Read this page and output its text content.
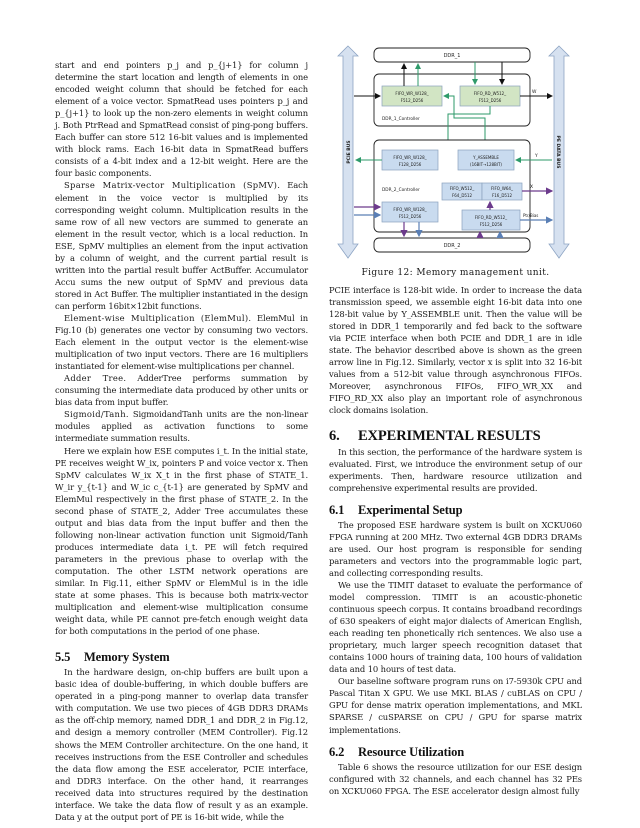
start and end pointers p_j and p_{j+1} for column j determine the start location and length of elements in one encoded weight column that should be fetched for each element of a voice vector. SpmatRead uses pointers p_j and p_{j+1} to look up the non-zero elements in weight column j. Both PtrRead and SpmatRead consist of ping-pong buffers. Each buffer can store 512 16-bit values and is implemented with block rams. Each 16-bit data in SpmatRead buffers consists of a 4-bit index and a 12-bit weight. Here are the four basic components.

Sparse Matrix-vector Multiplication (SpMV). Each element in the voice vector is multiplied by its corresponding weight column. Multiplication results in the same row of all new vectors are summed to generate an element in the result vector, which is a local reduction. In ESE, SpMV multiplies an element from the input activation by a column of weight, and the current partial result is written into the partial result buffer ActBuffer. Accumulator Accu sums the new output of SpMV and previous data stored in Act Buffer. The multiplier instantiated in the design can perform 16bit×12bit functions.

Element-wise Multiplication (ElemMul). ElemMul in Fig.10 (b) generates one vector by consuming two vectors. Each element in the output vector is the element-wise multiplication of two input vectors. There are 16 multipliers instantiated for element-wise multiplications per channel.

Adder Tree. AdderTree performs summation by consuming the intermediate data produced by other units or bias data from input buffer.

Sigmoid/Tanh. SigmoidandTanh units are the non-linear modules applied as activation functions to some intermediate summation results.

Here we explain how ESE computes i_t. In the initial state, PE receives weight W_ix, pointers P and voice vector x. Then SpMV calculates W_ix X_t in the first phase of STATE_1. W_ir y_{t-1} and W_ic c_{t-1} are generated by SpMV and ElemMul respectively in the first phase of STATE_2. In the second phase of STATE_2, Adder Tree accumulates these output and bias data from the input buffer and then the following non-linear activation function unit Sigmoid/Tanh produces intermediate data i_t. PE will fetch required parameters in the previous phase to overlap with the computation. The other LSTM network operations are similar. In Fig.11, either SpMV or ElemMul is in the idle state at some phases. This is because both matrix-vector multiplication and element-wise multiplication consume weight data, while PE cannot pre-fetch enough weight data for both computations in the period of one phase.

5.5 Memory System

In the hardware design, on-chip buffers are built upon a basic idea of double-buffering, in which double buffers are operated in a ping-pong manner to overlap data transfer with computation. We use two pieces of 4GB DDR3 DRAMs as the off-chip memory, named DDR_1 and DDR_2 in Fig.12, and design a memory controller (MEM Controller). Fig.12 shows the MEM Controller architecture. On the one hand, it receives instructions from the ESE Controller and schedules the data flow among the ESE accelerator, PCIE interface, and DDR3 interface. On the other hand, it rearranges received data into structures required by the destination interface. We take the data flow of result y as an example. Data y at the output port of PE is 16-bit wide, while the

PCIE BUS	PE DATA BUS
DDR_1
DDR_1_Controller
FIFO_WR_W128_
F512_D256
FIFO_RD_W512_
F512_D256
W
DDR_2_Controller
FIFO_WR_W128_
F128_D256
Y_ASSEMBLE
(16BIT→128BIT)
FIFO_W512_
F64_D512
FIFO_W64_
F16_D512
FIFO_WR_W128_
F512_D256	FIFO_RD_W512_
F512_D256
DDR_2
Y
X
Ptr/Bias
Figure 12: Memory management unit.

PCIE interface is 128-bit wide. In order to increase the data transmission speed, we assemble eight 16-bit data into one 128-bit value by Y_ASSEMBLE unit. Then the value will be stored in DDR_1 temporarily and fed back to the software via PCIE interface when both PCIE and DDR_1 are in idle state. The behavior described above is shown as the green arrow line in Fig.12. Similarly, vector x is split into 32 16-bit values from a 512-bit value through asynchronous FIFOs. Moreover, asynchronous FIFOs, FIFO_WR_XX and FIFO_RD_XX also play an important role of asynchronous clock domains isolation.

6. EXPERIMENTAL RESULTS

In this section, the performance of the hardware system is evaluated. First, we introduce the environment setup of our experiments. Then, hardware resource utilization and comprehensive experimental results are provided.

6.1 Experimental Setup

The proposed ESE hardware system is built on XCKU060 FPGA running at 200 MHz. Two external 4GB DDR3 DRAMs are used. Our host program is responsible for sending parameters and vectors into the programmable logic part, and collecting corresponding results.

We use the TIMIT dataset to evaluate the performance of model compression. TIMIT is an acoustic-phonetic continuous speech corpus. It contains broadband recordings of 630 speakers of eight major dialects of American English, each reading ten phonetically rich sentences. We also use a proprietary, much larger speech recognition dataset that contains 1000 hours of training data, 100 hours of validation data and 10 hours of test data.

Our baseline software program runs on i7-5930k CPU and Pascal Titan X GPU. We use MKL BLAS / cuBLAS on CPU / GPU for dense matrix operation implementations, and MKL SPARSE / cuSPARSE on CPU / GPU for sparse matrix implementations.

6.2 Resource Utilization

Table 6 shows the resource utilization for our ESE design configured with 32 channels, and each channel has 32 PEs on XCKU060 FPGA. The ESE accelerator design almost fully
